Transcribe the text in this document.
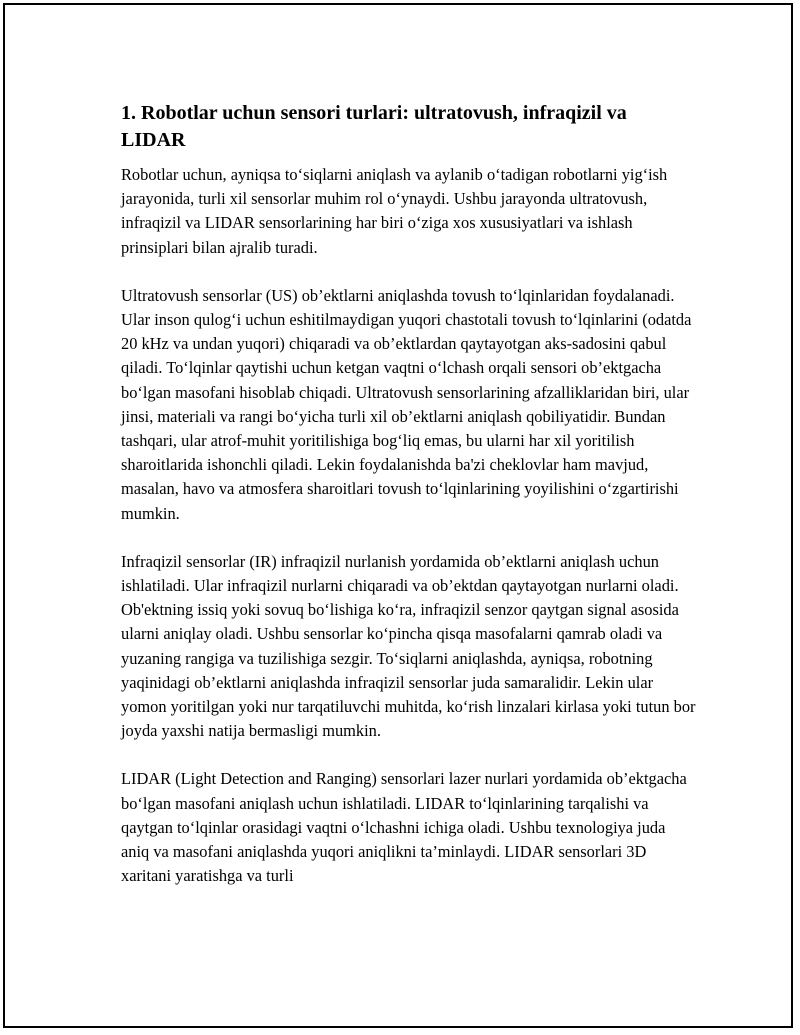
1. Robotlar uchun sensori turlari: ultratovush, infraqizil va LIDAR

Robotlar uchun, ayniqsa to‘siqlarni aniqlash va aylanib o‘tadigan robotlarni yig‘ish jarayonida, turli xil sensorlar muhim rol o‘ynaydi. Ushbu jarayonda ultratovush, infraqizil va LIDAR sensorlarining har biri o‘ziga xos xususiyatlari va ishlash prinsiplari bilan ajralib turadi.

Ultratovush sensorlar (US) ob’ektlarni aniqlashda tovush to‘lqinlaridan foydalanadi. Ular inson qulog‘i uchun eshitilmaydigan yuqori chastotali tovush to‘lqinlarini (odatda 20 kHz va undan yuqori) chiqaradi va ob’ektlardan qaytayotgan aks-sadosini qabul qiladi. To‘lqinlar qaytishi uchun ketgan vaqtni o‘lchash orqali sensori ob’ektgacha bo‘lgan masofani hisoblab chiqadi. Ultratovush sensorlarining afzalliklaridan biri, ular jinsi, materiali va rangi bo‘yicha turli xil ob’ektlarni aniqlash qobiliyatidir. Bundan tashqari, ular atrof-muhit yoritilishiga bog‘liq emas, bu ularni har xil yoritilish sharoitlarida ishonchli qiladi. Lekin foydalanishda ba'zi cheklovlar ham mavjud, masalan, havo va atmosfera sharoitlari tovush to‘lqinlarining yoyilishini o‘zgartirishi mumkin.

Infraqizil sensorlar (IR) infraqizil nurlanish yordamida ob’ektlarni aniqlash uchun ishlatiladi. Ular infraqizil nurlarni chiqaradi va ob’ektdan qaytayotgan nurlarni oladi. Ob'ektning issiq yoki sovuq bo‘lishiga ko‘ra, infraqizil senzor qaytgan signal asosida ularni aniqlay oladi. Ushbu sensorlar ko‘pincha qisqa masofalarni qamrab oladi va yuzaning rangiga va tuzilishiga sezgir. To‘siqlarni aniqlashda, ayniqsa, robotning yaqinidagi ob’ektlarni aniqlashda infraqizil sensorlar juda samaralidir. Lekin ular yomon yoritilgan yoki nur tarqatiluvchi muhitda, ko‘rish linzalari kirlasa yoki tutun bor joyda yaxshi natija bermasligi mumkin.

LIDAR (Light Detection and Ranging) sensorlari lazer nurlari yordamida ob’ektgacha bo‘lgan masofani aniqlash uchun ishlatiladi. LIDAR to‘lqinlarining tarqalishi va qaytgan to‘lqinlar orasidagi vaqtni o‘lchashni ichiga oladi. Ushbu texnologiya juda aniq va masofani aniqlashda yuqori aniqlikni ta’minlaydi. LIDAR sensorlari 3D xaritani yaratishga va turli
